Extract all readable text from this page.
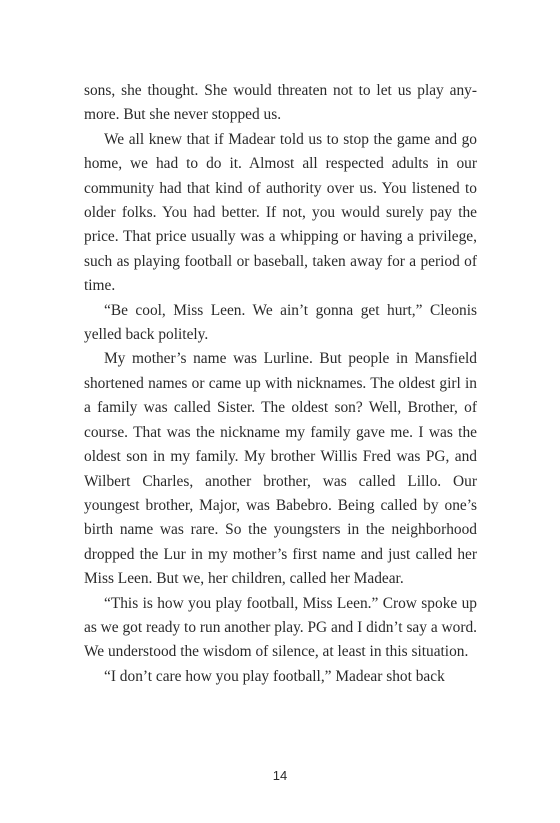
sons, she thought. She would threaten not to let us play anymore. But she never stopped us.

We all knew that if Madear told us to stop the game and go home, we had to do it. Almost all respected adults in our community had that kind of authority over us. You listened to older folks. You had better. If not, you would surely pay the price. That price usually was a whipping or having a privilege, such as playing football or baseball, taken away for a period of time.

“Be cool, Miss Leen. We ain’t gonna get hurt,” Cleonis yelled back politely.

My mother’s name was Lurline. But people in Mansfield shortened names or came up with nicknames. The oldest girl in a family was called Sister. The oldest son? Well, Brother, of course. That was the nickname my family gave me. I was the oldest son in my family. My brother Willis Fred was PG, and Wilbert Charles, another brother, was called Lillo. Our youngest brother, Major, was Babebro. Being called by one’s birth name was rare. So the youngsters in the neighborhood dropped the Lur in my mother’s first name and just called her Miss Leen. But we, her children, called her Madear.

“This is how you play football, Miss Leen.” Crow spoke up as we got ready to run another play. PG and I didn’t say a word. We understood the wisdom of silence, at least in this situation.

“I don’t care how you play football,” Madear shot back

14
